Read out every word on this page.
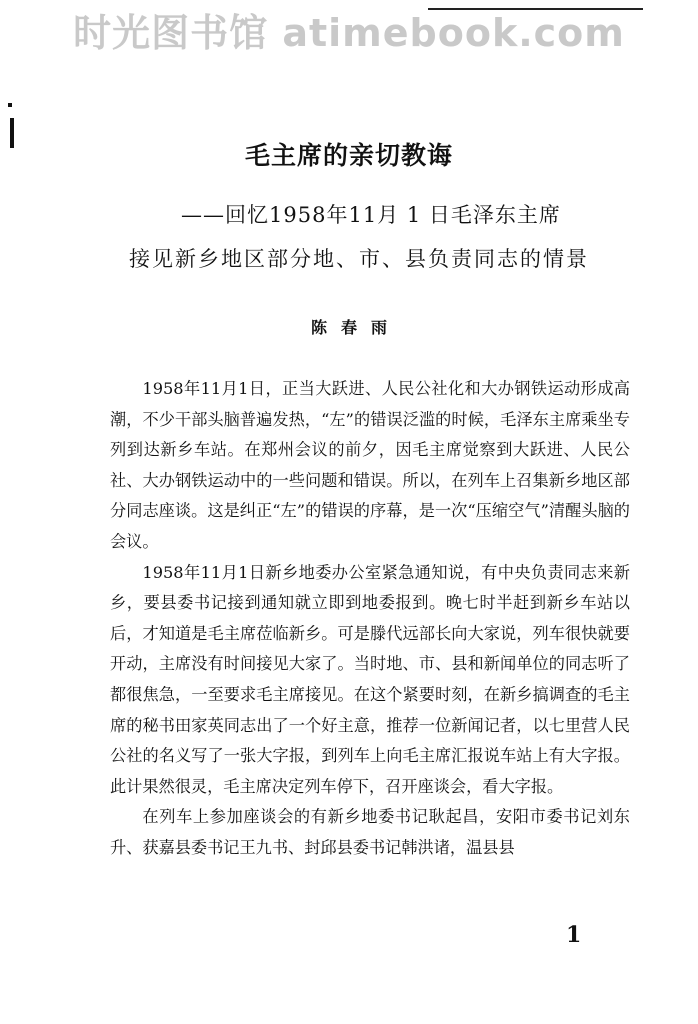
时光图书馆 atimebook.com
毛主席的亲切教诲
——回忆1958年11月 1 日毛泽东主席
接见新乡地区部分地、市、县负责同志的情景
陈春雨

1958年11月1日，正当大跃进、人民公社化和大办钢铁运动形成高潮，不少干部头脑普遍发热，“左”的错误泛滥的时候，毛泽东主席乘坐专列到达新乡车站。在郑州会议的前夕，因毛主席觉察到大跃进、人民公社、大办钢铁运动中的一些问题和错误。所以，在列车上召集新乡地区部分同志座谈。这是纠正“左”的错误的序幕，是一次“压缩空气”清醒头脑的会议。

1958年11月1日新乡地委办公室紧急通知说，有中央负责同志来新乡，要县委书记接到通知就立即到地委报到。晚七时半赶到新乡车站以后，才知道是毛主席莅临新乡。可是滕代远部长向大家说，列车很快就要开动，主席没有时间接见大家了。当时地、市、县和新闻单位的同志听了都很焦急，一至要求毛主席接见。在这个紧要时刻，在新乡搞调查的毛主席的秘书田家英同志出了一个好主意，推荐一位新闻记者，以七里营人民公社的名义写了一张大字报，到列车上向毛主席汇报说车站上有大字报。此计果然很灵，毛主席决定列车停下，召开座谈会，看大字报。

在列车上参加座谈会的有新乡地委书记耿起昌，安阳市委书记刘东升、获嘉县委书记王九书、封邱县委书记韩洪诸，温县县

1
